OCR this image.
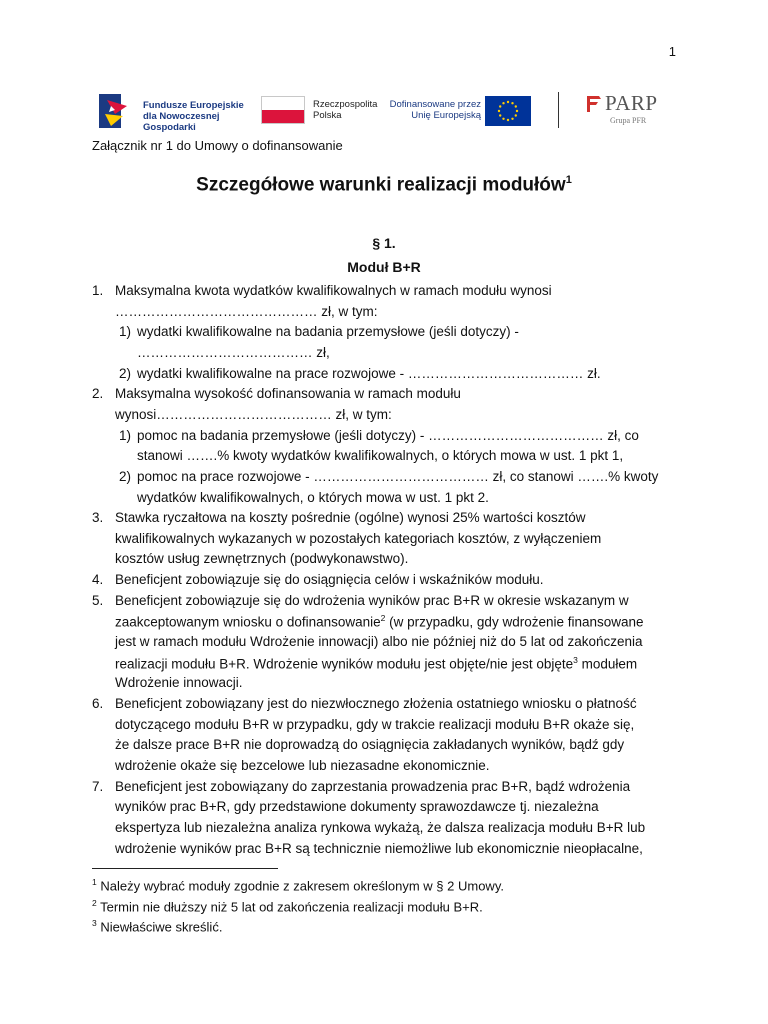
1
Fundusze Europejskie
dla Nowoczesnej Gospodarki
Rzeczpospolita
Polska
Dofinansowane przez
Unię Europejską
PARP
Grupa PFR
Załącznik nr 1 do Umowy o dofinansowanie
Szczegółowe warunki realizacji modułów$^1$
§ 1.
Moduł B+R
1. Maksymalna kwota wydatków kwalifikowalnych w ramach modułu wynosi
……………………………………… zł, w tym:
1) wydatki kwalifikowalne na badania przemysłowe (jeśli dotyczy) -
………………………………… zł,
2) wydatki kwalifikowalne na prace rozwojowe - ………………………………… zł.
2. Maksymalna wysokość dofinansowania w ramach modułu
wynosi………………………………… zł, w tym:
1) pomoc na badania przemysłowe (jeśli dotyczy) - ………………………………… zł, co
stanowi …….% kwoty wydatków kwalifikowalnych, o których mowa w ust. 1 pkt 1,
2) pomoc na prace rozwojowe - ………………………………… zł, co stanowi …….% kwoty
wydatków kwalifikowalnych, o których mowa w ust. 1 pkt 2.
3. Stawka ryczałtowa na koszty pośrednie (ogólne) wynosi 25% wartości kosztów
kwalifikowalnych wykazanych w pozostałych kategoriach kosztów, z wyłączeniem
kosztów usług zewnętrznych (podwykonawstwo).
4. Beneficjent zobowiązuje się do osiągnięcia celów i wskaźników modułu.
5. Beneficjent zobowiązuje się do wdrożenia wyników prac B+R w okresie wskazanym w
zaakceptowanym wniosku o dofinansowanie$^2$ (w przypadku, gdy wdrożenie finansowane
jest w ramach modułu Wdrożenie innowacji) albo nie później niż do 5 lat od zakończenia
realizacji modułu B+R. Wdrożenie wyników modułu jest objęte/nie jest objęte$^3$ modułem
Wdrożenie innowacji.
6. Beneficjent zobowiązany jest do niezwłocznego złożenia ostatniego wniosku o płatność
dotyczącego modułu B+R w przypadku, gdy w trakcie realizacji modułu B+R okaże się,
że dalsze prace B+R nie doprowadzą do osiągnięcia zakładanych wyników, bądź gdy
wdrożenie okaże się bezcelowe lub niezasadne ekonomicznie.
7. Beneficjent jest zobowiązany do zaprzestania prowadzenia prac B+R, bądź wdrożenia
wyników prac B+R, gdy przedstawione dokumenty sprawozdawcze tj. niezależna
ekspertyza lub niezależna analiza rynkowa wykażą, że dalsza realizacja modułu B+R lub
wdrożenie wyników prac B+R są technicznie niemożliwe lub ekonomicznie nieopłacalne,
$^1$ Należy wybrać moduły zgodnie z zakresem określonym w § 2 Umowy.
$^2$ Termin nie dłuższy niż 5 lat od zakończenia realizacji modułu B+R.
$^3$ Niewłaściwe skreślić.
